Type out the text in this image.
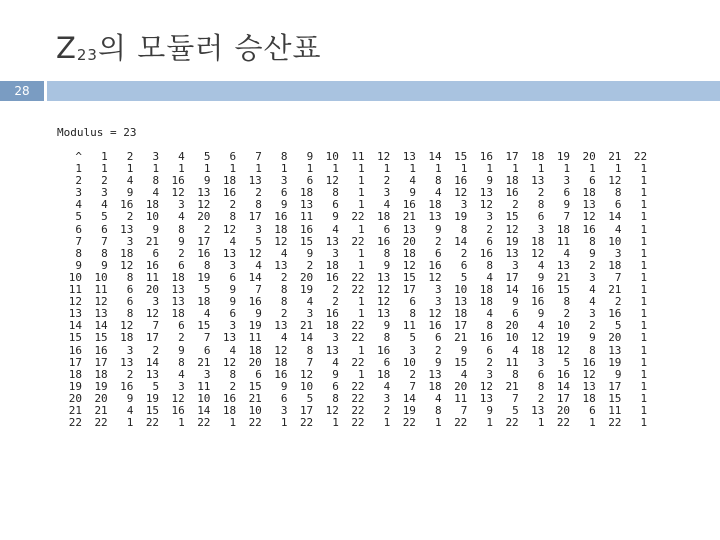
$Z_{23}$의 모듈러 승산표
28
Modulus = 23
^	1	2	3	4	5	6	7	8	9	10	11	12	13	14	15	16	17	18	19	20	21	22
1	1	1	1	1	1	1	1	1	1	1	1	1	1	1	1	1	1	1	1	1	1	1
2	2	4	8	16	9	18	13	3	6	12	1	2	4	8	16	9	18	13	3	6	12	1
3	3	9	4	12	13	16	2	6	18	8	1	3	9	4	12	13	16	2	6	18	8	1
4	4	16	18	3	12	2	8	9	13	6	1	4	16	18	3	12	2	8	9	13	6	1
5	5	2	10	4	20	8	17	16	11	9	22	18	21	13	19	3	15	6	7	12	14	1
6	6	13	9	8	2	12	3	18	16	4	1	6	13	9	8	2	12	3	18	16	4	1
7	7	3	21	9	17	4	5	12	15	13	22	16	20	2	14	6	19	18	11	8	10	1
8	8	18	6	2	16	13	12	4	9	3	1	8	18	6	2	16	13	12	4	9	3	1
9	9	12	16	6	8	3	4	13	2	18	1	9	12	16	6	8	3	4	13	2	18	1
10	10	8	11	18	19	6	14	2	20	16	22	13	15	12	5	4	17	9	21	3	7	1
11	11	6	20	13	5	9	7	8	19	2	22	12	17	3	10	18	14	16	15	4	21	1
12	12	6	3	13	18	9	16	8	4	2	1	12	6	3	13	18	9	16	8	4	2	1
13	13	8	12	18	4	6	9	2	3	16	1	13	8	12	18	4	6	9	2	3	16	1
14	14	12	7	6	15	3	19	13	21	18	22	9	11	16	17	8	20	4	10	2	5	1
15	15	18	17	2	7	13	11	4	14	3	22	8	5	6	21	16	10	12	19	9	20	1
16	16	3	2	9	6	4	18	12	8	13	1	16	3	2	9	6	4	18	12	8	13	1
17	17	13	14	8	21	12	20	18	7	4	22	6	10	9	15	2	11	3	5	16	19	1
18	18	2	13	4	3	8	6	16	12	9	1	18	2	13	4	3	8	6	16	12	9	1
19	19	16	5	3	11	2	15	9	10	6	22	4	7	18	20	12	21	8	14	13	17	1
20	20	9	19	12	10	16	21	6	5	8	22	3	14	4	11	13	7	2	17	18	15	1
21	21	4	15	16	14	18	10	3	17	12	22	2	19	8	7	9	5	13	20	6	11	1
22	22	1	22	1	22	1	22	1	22	1	22	1	22	1	22	1	22	1	22	1	22	1
